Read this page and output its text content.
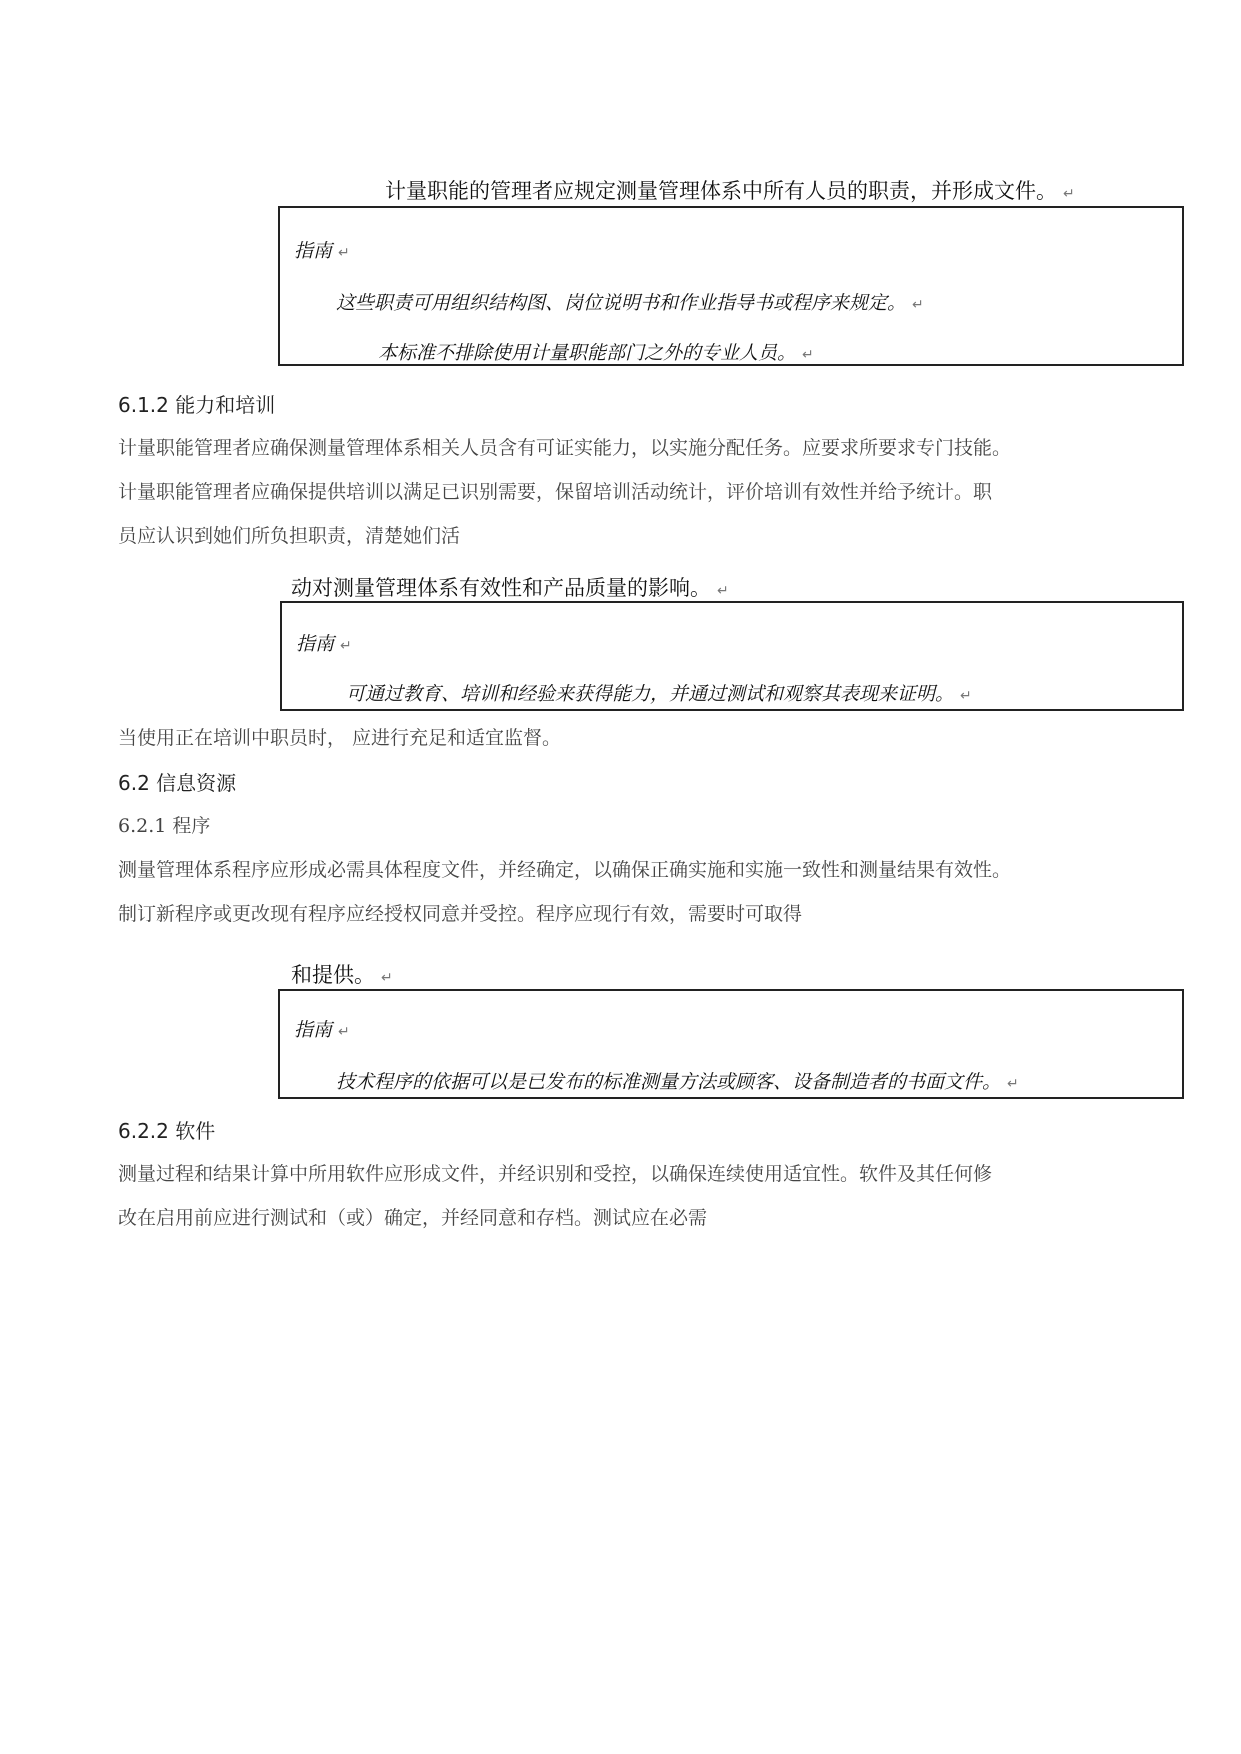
计量职能的管理者应规定测量管理体系中所有人员的职责，并形成文件。 ↵
指南 ↵
这些职责可用组织结构图、岗位说明书和作业指导书或程序来规定。 ↵
本标准不排除使用计量职能部门之外的专业人员。 ↵
6.1.2 能力和培训
计量职能管理者应确保测量管理体系相关人员含有可证实能力，以实施分配任务。应要求所要求专门技能。
计量职能管理者应确保提供培训以满足已识别需要，保留培训活动统计，评价培训有效性并给予统计。职
员应认识到她们所负担职责，清楚她们活
动对测量管理体系有效性和产品质量的影响。 ↵
指南 ↵
可通过教育、培训和经验来获得能力，并通过测试和观察其表现来证明。 ↵
当使用正在培训中职员时， 应进行充足和适宜监督。
6.2 信息资源
6.2.1 程序
测量管理体系程序应形成必需具体程度文件，并经确定，以确保正确实施和实施一致性和测量结果有效性。
制订新程序或更改现有程序应经授权同意并受控。程序应现行有效，需要时可取得
和提供。 ↵
指南 ↵
技术程序的依据可以是已发布的标准测量方法或顾客、设备制造者的书面文件。 ↵
6.2.2 软件
测量过程和结果计算中所用软件应形成文件，并经识别和受控，以确保连续使用适宜性。软件及其任何修
改在启用前应进行测试和（或）确定，并经同意和存档。测试应在必需
